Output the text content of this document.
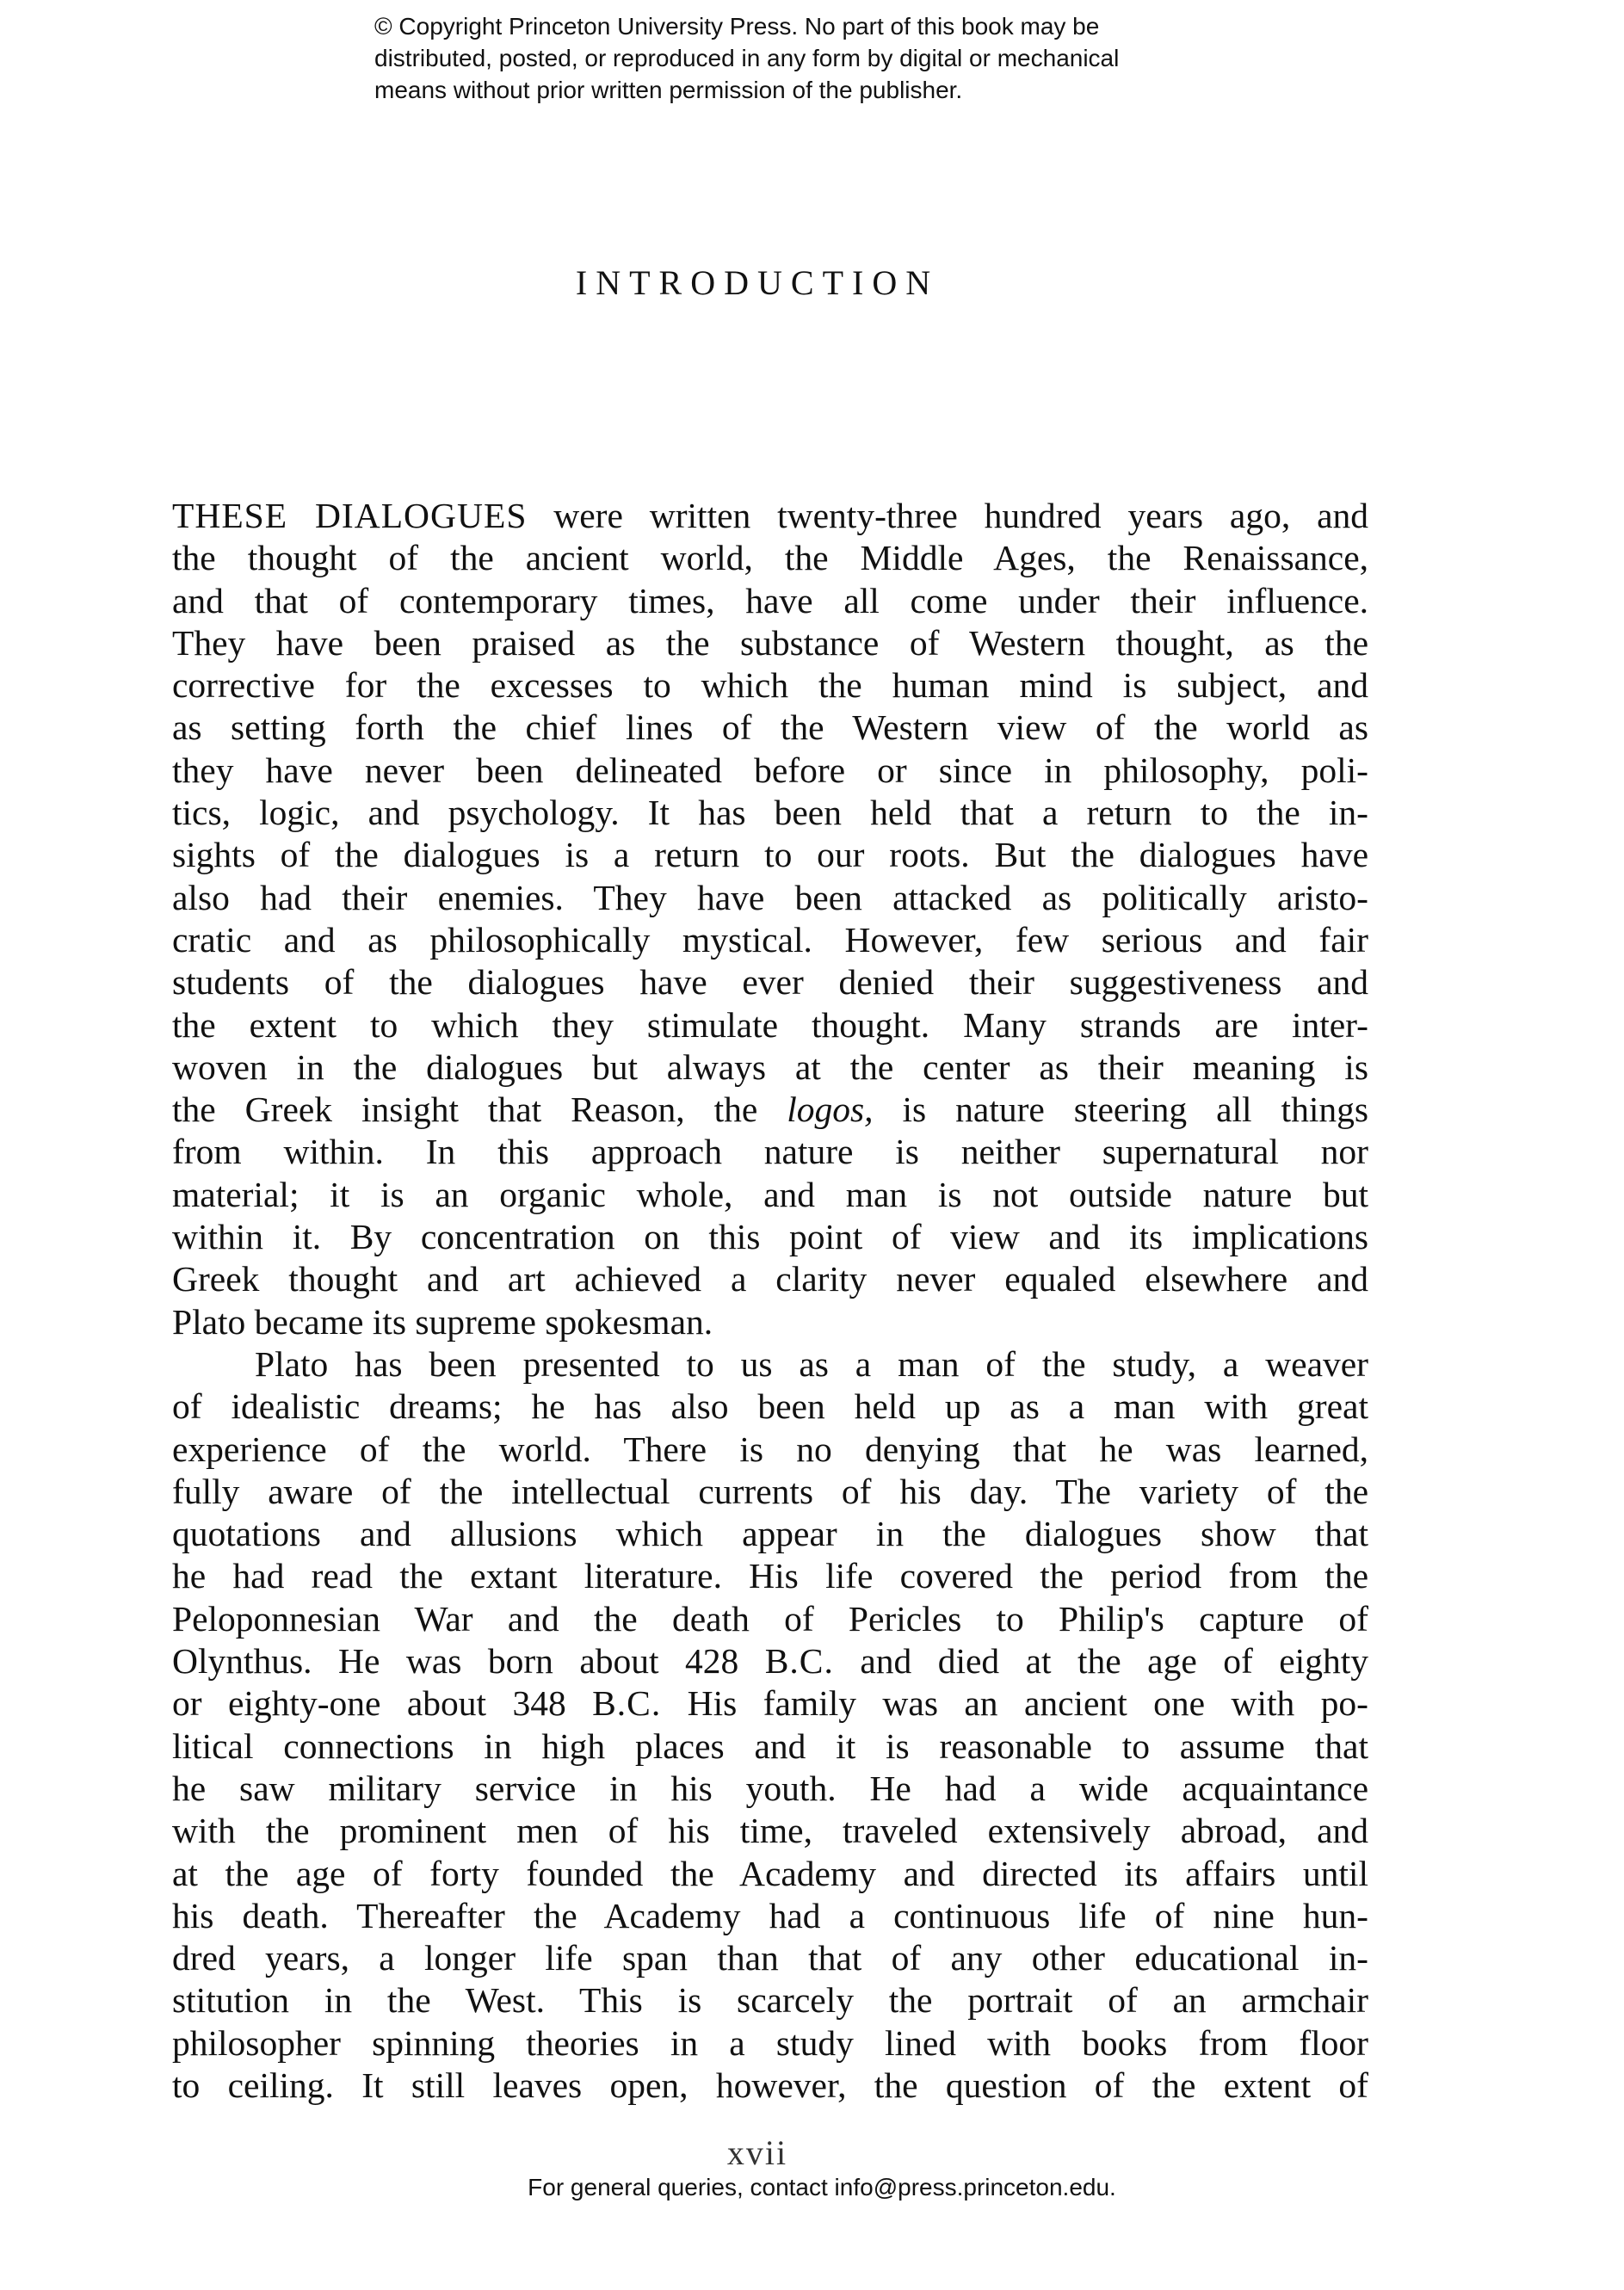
© Copyright Princeton University Press. No part of this book may be
distributed, posted, or reproduced in any form by digital or mechanical
means without prior written permission of the publisher.
INTRODUCTION
THESE DIALOGUES were written twenty-three hundred years ago, and
the thought of the ancient world, the Middle Ages, the Renaissance,
and that of contemporary times, have all come under their influence.
They have been praised as the substance of Western thought, as the
corrective for the excesses to which the human mind is subject, and
as setting forth the chief lines of the Western view of the world as
they have never been delineated before or since in philosophy, poli-
tics, logic, and psychology. It has been held that a return to the in-
sights of the dialogues is a return to our roots. But the dialogues have
also had their enemies. They have been attacked as politically aristo-
cratic and as philosophically mystical. However, few serious and fair
students of the dialogues have ever denied their suggestiveness and
the extent to which they stimulate thought. Many strands are inter-
woven in the dialogues but always at the center as their meaning is
the Greek insight that Reason, the logos, is nature steering all things
from within. In this approach nature is neither supernatural nor
material; it is an organic whole, and man is not outside nature but
within it. By concentration on this point of view and its implications
Greek thought and art achieved a clarity never equaled elsewhere and
Plato became its supreme spokesman.
Plato has been presented to us as a man of the study, a weaver
of idealistic dreams; he has also been held up as a man with great
experience of the world. There is no denying that he was learned,
fully aware of the intellectual currents of his day. The variety of the
quotations and allusions which appear in the dialogues show that
he had read the extant literature. His life covered the period from the
Peloponnesian War and the death of Pericles to Philip's capture of
Olynthus. He was born about 428 B.C. and died at the age of eighty
or eighty-one about 348 B.C. His family was an ancient one with po-
litical connections in high places and it is reasonable to assume that
he saw military service in his youth. He had a wide acquaintance
with the prominent men of his time, traveled extensively abroad, and
at the age of forty founded the Academy and directed its affairs until
his death. Thereafter the Academy had a continuous life of nine hun-
dred years, a longer life span than that of any other educational in-
stitution in the West. This is scarcely the portrait of an armchair
philosopher spinning theories in a study lined with books from floor
to ceiling. It still leaves open, however, the question of the extent of
xvii
For general queries, contact info@press.princeton.edu.
